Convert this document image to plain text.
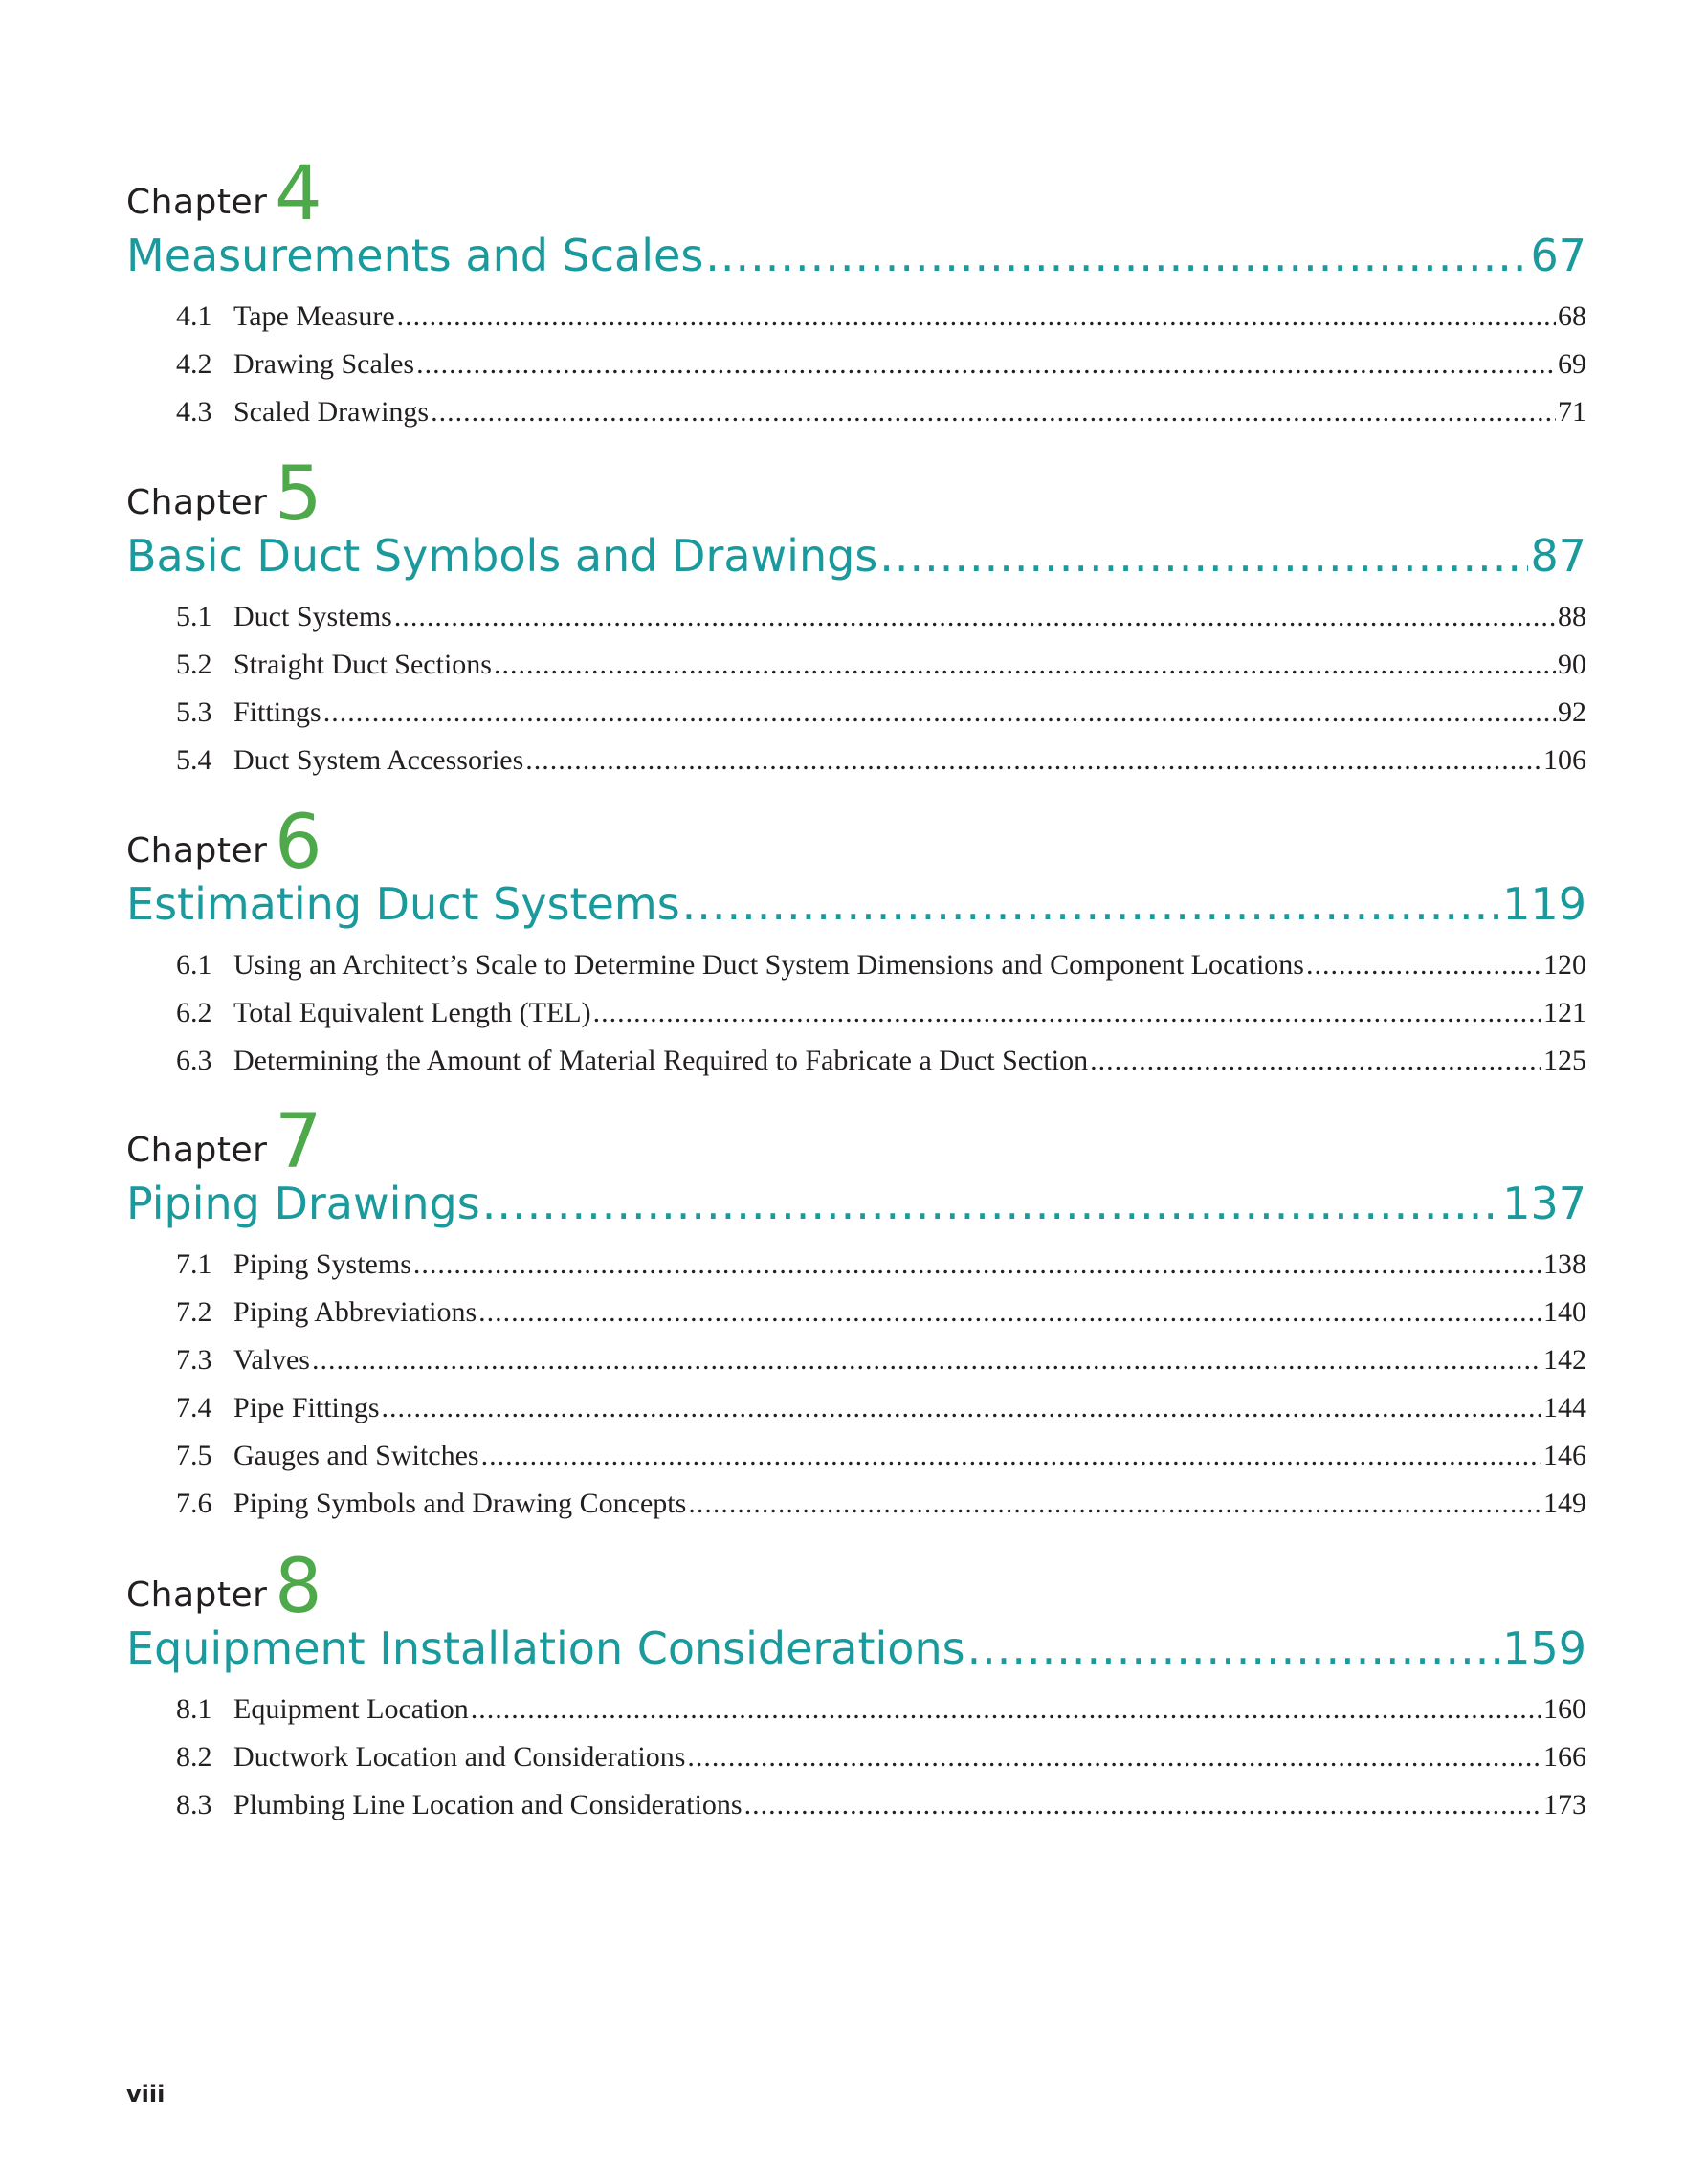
Chapter 4
Measurements and Scales .....	67
4.1 Tape Measure .....	68
4.2 Drawing Scales .....	69
4.3 Scaled Drawings .....	71
Chapter 5
Basic Duct Symbols and Drawings .....	87
5.1 Duct Systems .....	88
5.2 Straight Duct Sections .....	90
5.3 Fittings .....	92
5.4 Duct System Accessories .....	106
Chapter 6
Estimating Duct Systems .....	119
6.1 Using an Architect’s Scale to Determine Duct System Dimensions and Component Locations .....	120
6.2 Total Equivalent Length (TEL) .....	121
6.3 Determining the Amount of Material Required to Fabricate a Duct Section .....	125
Chapter 7
Piping Drawings .....	137
7.1 Piping Systems .....	138
7.2 Piping Abbreviations .....	140
7.3 Valves .....	142
7.4 Pipe Fittings .....	144
7.5 Gauges and Switches .....	146
7.6 Piping Symbols and Drawing Concepts .....	149
Chapter 8
Equipment Installation Considerations .....	159
8.1 Equipment Location .....	160
8.2 Ductwork Location and Considerations .....	166
8.3 Plumbing Line Location and Considerations .....	173
viii
